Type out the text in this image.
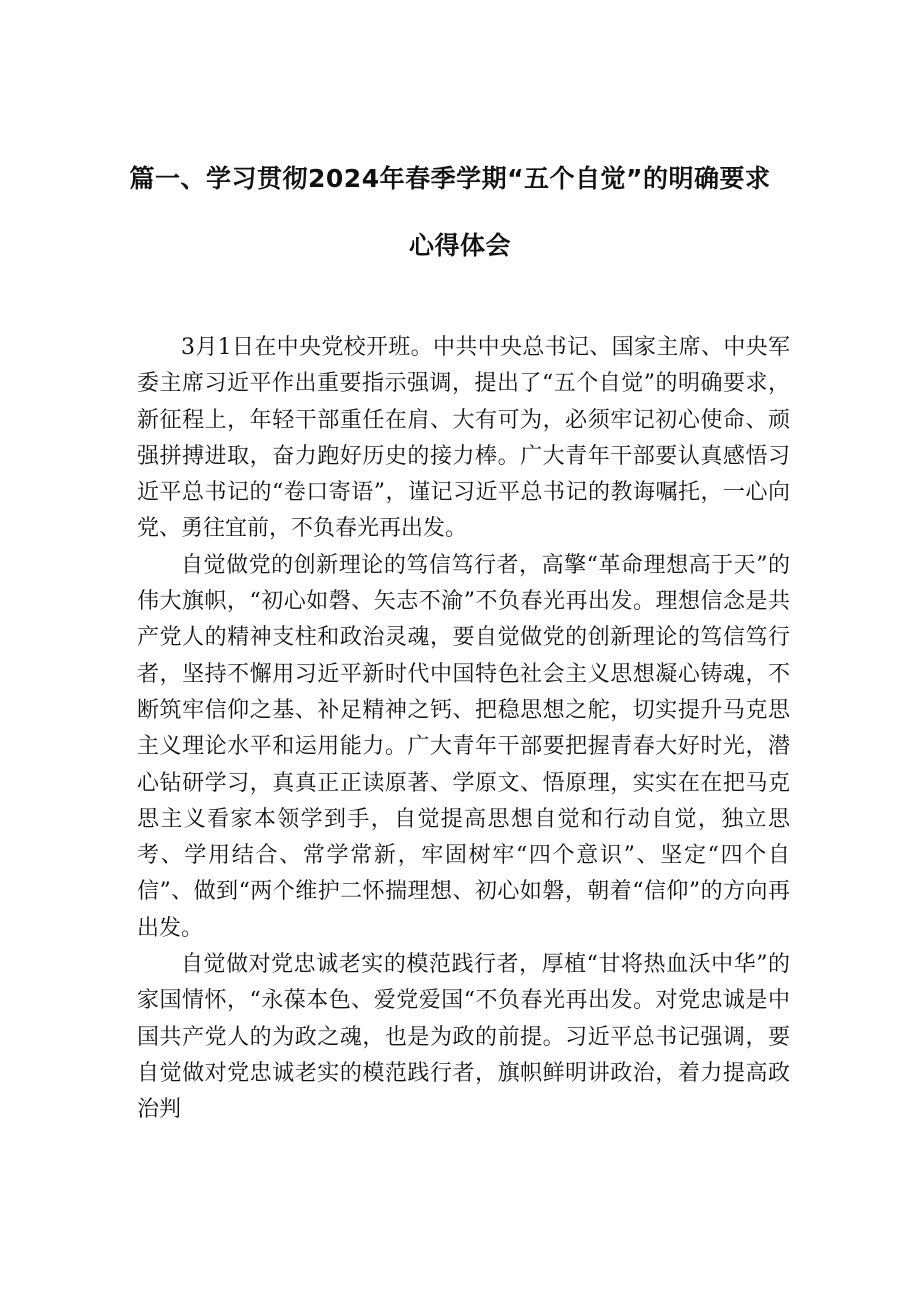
篇一、学习贯彻2024年春季学期“五个自觉”的明确要求
心得体会

3月1日在中央党校开班。中共中央总书记、国家主席、中央军委主席习近平作出重要指示强调，提出了“五个自觉”的明确要求，新征程上，年轻干部重任在肩、大有可为，必须牢记初心使命、顽强拼搏进取，奋力跑好历史的接力棒。广大青年干部要认真感悟习近平总书记的“卷口寄语”，谨记习近平总书记的教诲嘱托，一心向党、勇往宜前，不负春光再出发。

自觉做党的创新理论的笃信笃行者，高擎“革命理想高于天”的伟大旗帜，“初心如磬、矢志不渝”不负春光再出发。理想信念是共产党人的精神支柱和政治灵魂，要自觉做党的创新理论的笃信笃行者，坚持不懈用习近平新时代中国特色社会主义思想凝心铸魂，不断筑牢信仰之基、补足精神之钙、把稳思想之舵，切实提升马克思主义理论水平和运用能力。广大青年干部要把握青春大好时光，潜心钻研学习，真真正正读原著、学原文、悟原理，实实在在把马克思主义看家本领学到手，自觉提高思想自觉和行动自觉，独立思考、学用结合、常学常新，牢固树牢“四个意识”、坚定“四个自信”、做到“两个维护二怀揣理想、初心如磐，朝着“信仰”的方向再出发。

自觉做对党忠诚老实的模范践行者，厚植“甘将热血沃中华”的家国情怀，“永葆本色、爱党爱国“不负春光再出发。对党忠诚是中国共产党人的为政之魂，也是为政的前提。习近平总书记强调，要自觉做对党忠诚老实的模范践行者，旗帜鲜明讲政治，着力提高政治判
